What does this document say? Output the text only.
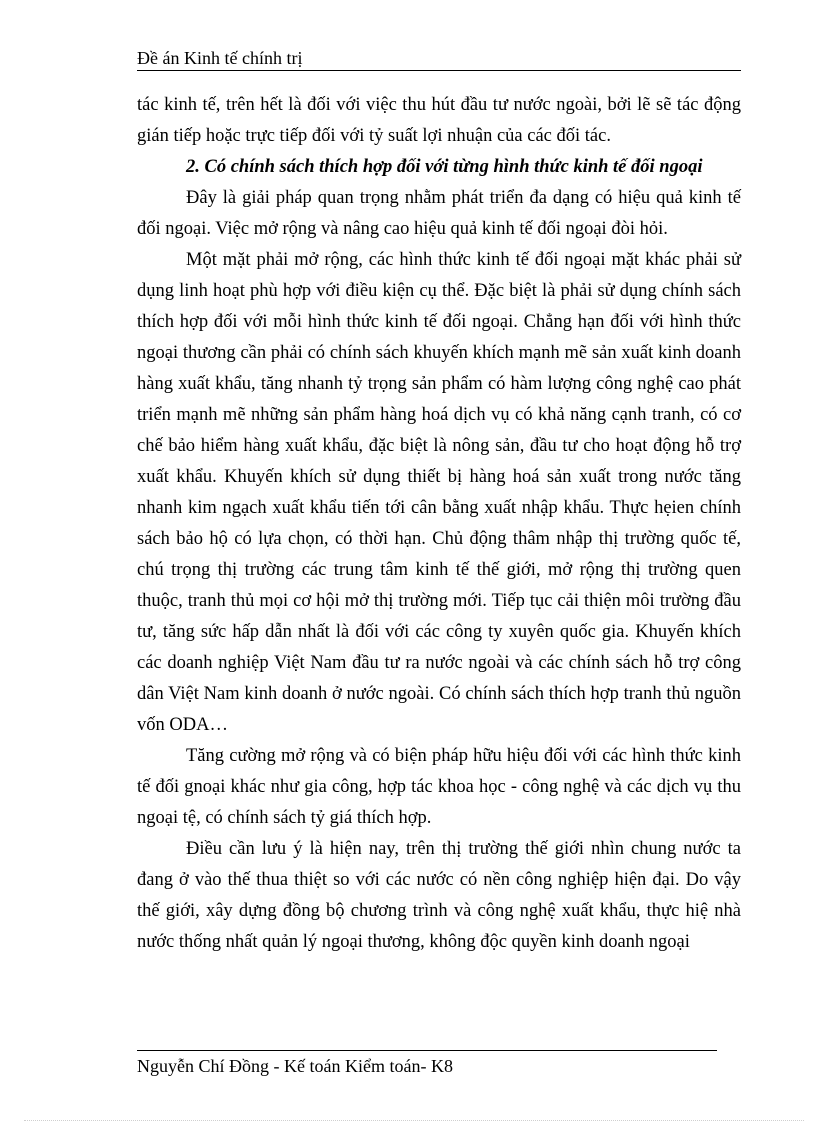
Đề án Kinh tế chính trị

tác kinh tế, trên hết là đối với việc thu hút đầu tư nước ngoài, bởi lẽ sẽ tác động gián tiếp hoặc trực tiếp đối với tỷ suất lợi nhuận của các đối tác.

2. Có chính sách thích hợp đối với từng hình thức kinh tế đối ngoại

Đây là giải pháp quan trọng nhằm phát triển đa dạng có hiệu quả kinh tế đối ngoại. Việc mở rộng và nâng cao hiệu quả kinh tế đối ngoại đòi hỏi.

Một mặt phải mở rộng, các hình thức kinh tế đối ngoại mặt khác phải sử dụng linh hoạt phù hợp với điều kiện cụ thể. Đặc biệt là phải sử dụng chính sách thích hợp đối với mỗi hình thức kinh tế đối ngoại. Chẳng hạn đối với hình thức ngoại thương cần phải có chính sách khuyến khích mạnh mẽ sản xuất kinh doanh hàng xuất khẩu, tăng nhanh tỷ trọng sản phẩm có hàm lượng công nghệ cao phát triển mạnh mẽ những sản phẩm hàng hoá dịch vụ có khả năng cạnh tranh, có cơ chế bảo hiểm hàng xuất khẩu, đặc biệt là nông sản, đầu tư cho hoạt động hỗ trợ xuất khẩu. Khuyến khích sử dụng thiết bị hàng hoá sản xuất trong nước tăng nhanh kim ngạch xuất khẩu tiến tới cân bằng xuất nhập khẩu. Thực hẹien chính sách bảo hộ có lựa chọn, có thời hạn. Chủ động thâm nhập thị trường quốc tế, chú trọng thị trường các trung tâm kinh tế thế giới, mở rộng thị trường quen thuộc, tranh thủ mọi cơ hội mở thị trường mới. Tiếp tục cải thiện môi trường đầu tư, tăng sức hấp dẫn nhất là đối với các công ty xuyên quốc gia. Khuyến khích các doanh nghiệp Việt Nam đầu tư ra nước ngoài và các chính sách hỗ trợ công dân Việt Nam kinh doanh ở nước ngoài. Có chính sách thích hợp tranh thủ nguồn vốn ODA…

Tăng cường mở rộng và có biện pháp hữu hiệu đối với các hình thức kinh tế đối gnoại khác như gia công, hợp tác khoa học - công nghệ và các dịch vụ thu ngoại tệ, có chính sách tỷ giá thích hợp.

Điều cần lưu ý là hiện nay, trên thị trường thế giới nhìn chung nước ta đang ở vào thế thua thiệt so với các nước có nền công nghiệp hiện đại. Do vậy thế giới, xây dựng đồng bộ chương trình và công nghệ xuất khẩu, thực hiệ nhà nước thống nhất quản lý ngoại thương, không độc quyền kinh doanh ngoại

Nguyễn Chí Đồng - Kế toán Kiểm toán- K8
